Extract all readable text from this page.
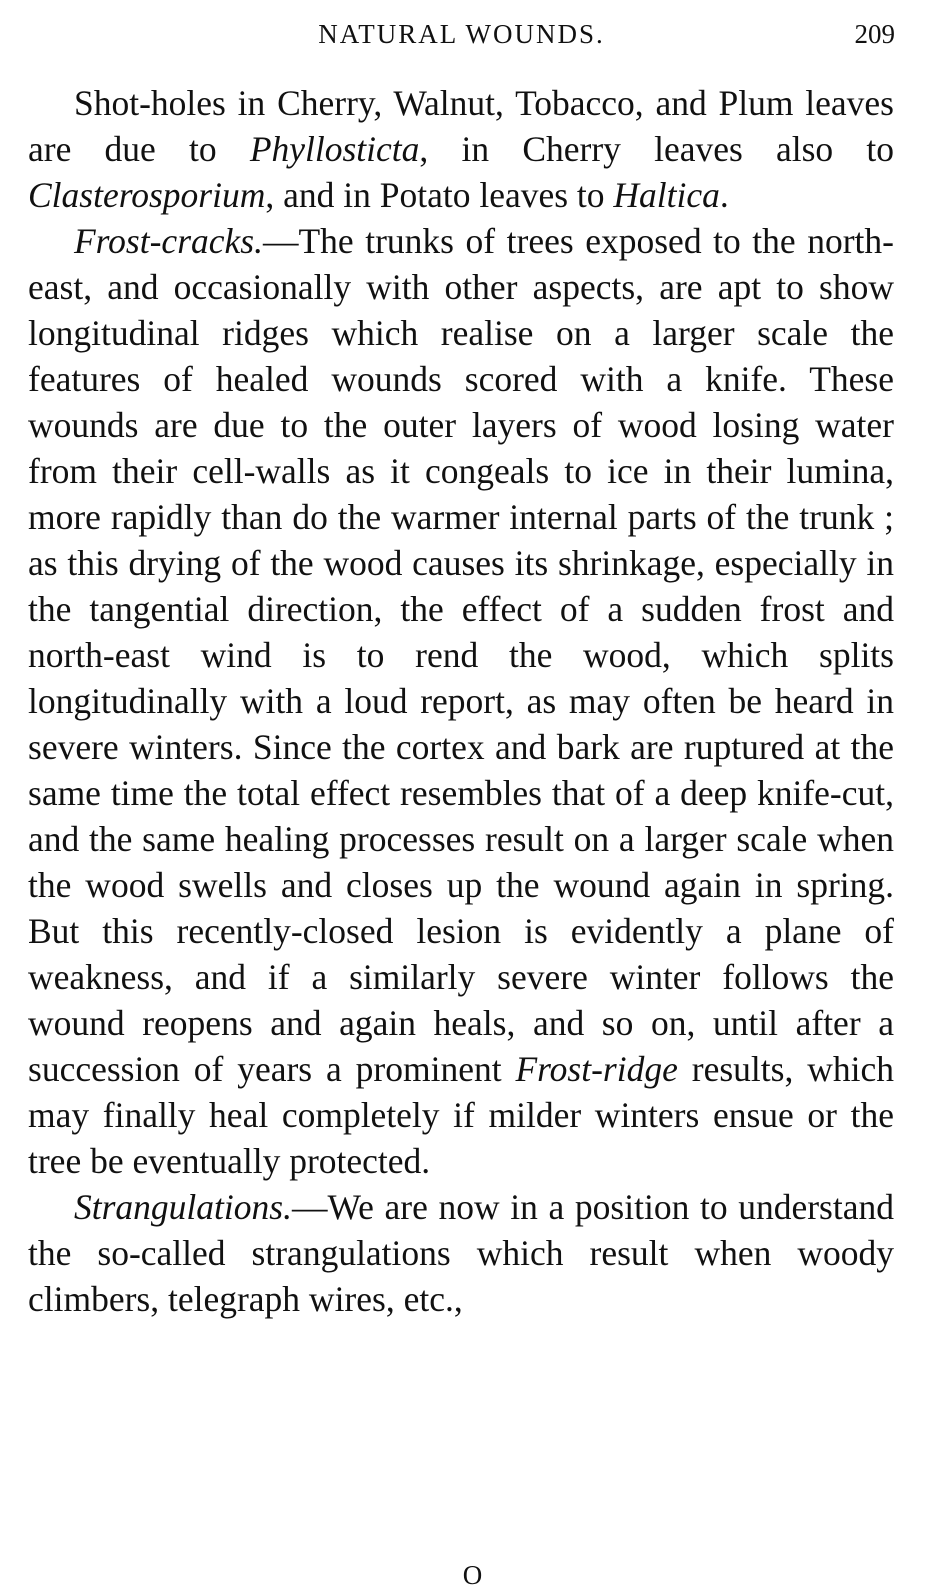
NATURAL WOUNDS.	209

Shot-holes in Cherry, Walnut, Tobacco, and Plum leaves are due to Phyllosticta, in Cherry leaves also to Clasterosporium, and in Potato leaves to Haltica.

Frost-cracks.—The trunks of trees exposed to the north-east, and occasionally with other aspects, are apt to show longitudinal ridges which realise on a larger scale the features of healed wounds scored with a knife. These wounds are due to the outer layers of wood losing water from their cell-walls as it congeals to ice in their lumina, more rapidly than do the warmer internal parts of the trunk ; as this drying of the wood causes its shrinkage, especially in the tangential direction, the effect of a sudden frost and north-east wind is to rend the wood, which splits longitudinally with a loud report, as may often be heard in severe winters. Since the cortex and bark are ruptured at the same time the total effect resembles that of a deep knife-cut, and the same healing processes result on a larger scale when the wood swells and closes up the wound again in spring. But this recently-closed lesion is evidently a plane of weakness, and if a similarly severe winter follows the wound reopens and again heals, and so on, until after a succession of years a prominent Frost-ridge results, which may finally heal completely if milder winters ensue or the tree be eventually protected.

Strangulations.—We are now in a position to understand the so-called strangulations which result when woody climbers, telegraph wires, etc.,

O
